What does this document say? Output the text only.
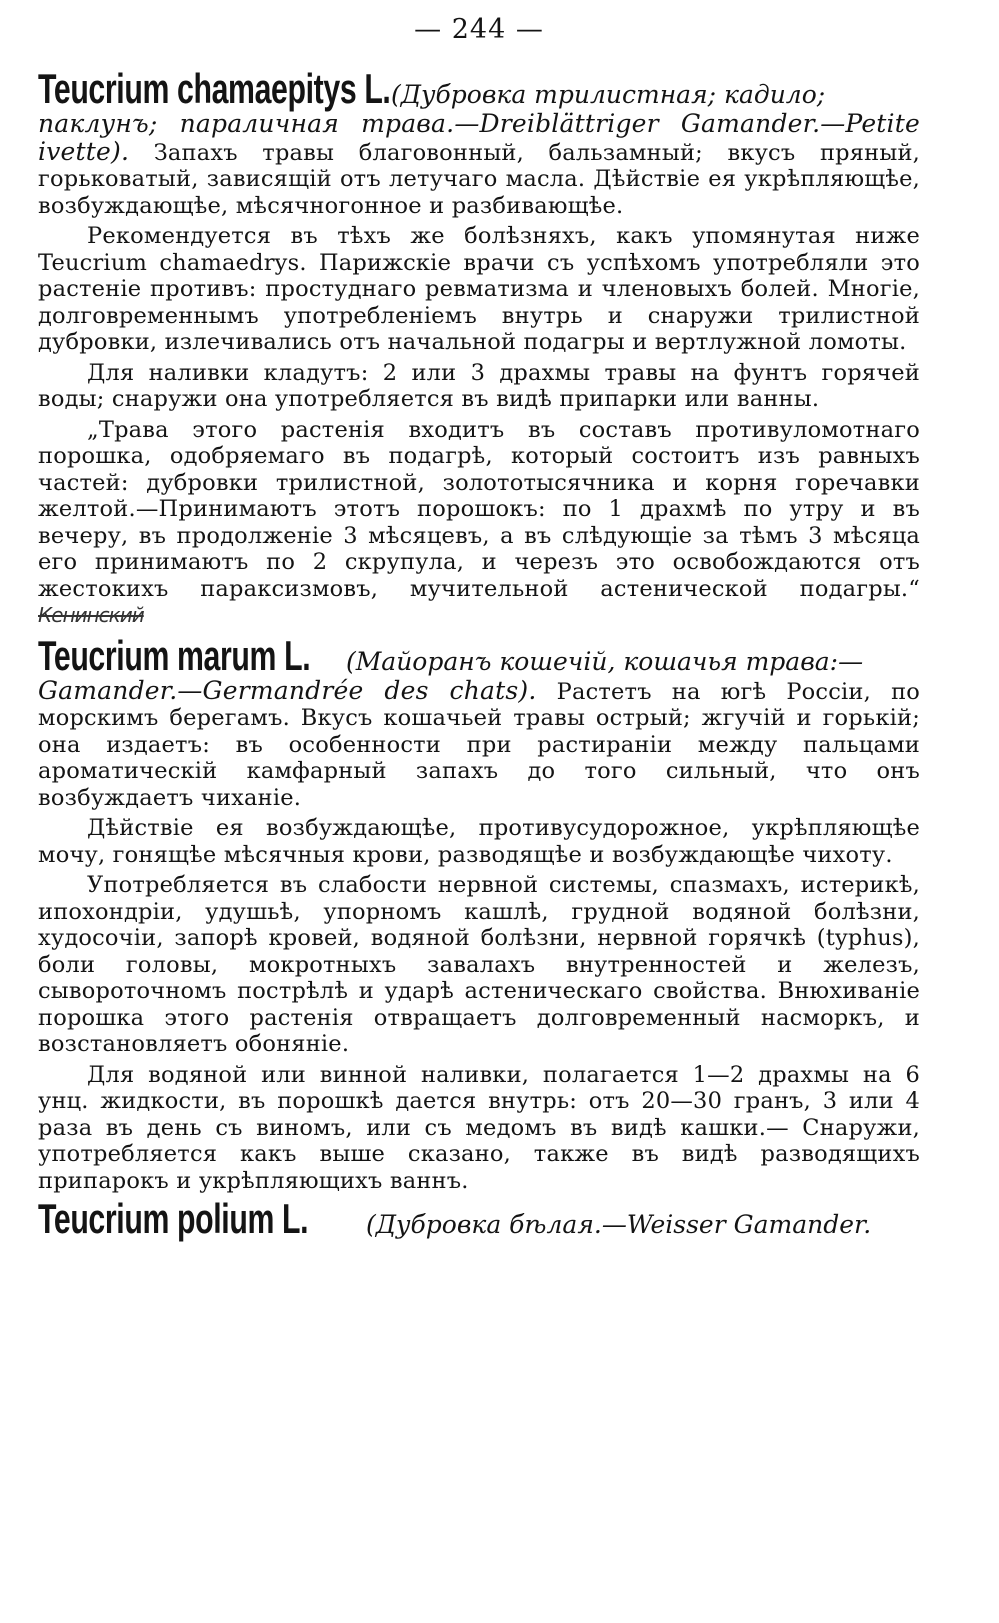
— 244 —
Teucrium chamaepitys L. (Дубровка трилистная; кадило;

паклунъ; параличная трава.—Dreiblättriger Gamander.—Petite ivette). Запахъ травы благовонный, бальзамный; вкусъ пряный, горьковатый, зависящій отъ летучаго масла. Дѣйствіе ея укрѣпляющѣе, возбуждающѣе, мѣсячногонное и разбивающѣе.

Рекомендуется въ тѣхъ же болѣзняхъ, какъ упомянутая ниже Teucrium chamaedrys. Парижскіе врачи съ успѣхомъ употребляли это растеніе противъ: простуднаго ревматизма и членовыхъ болей. Многіе, долговременнымъ употребленіемъ внутрь и снаружи трилистной дубровки, излечивались отъ начальной подагры и вертлужной ломоты.

Для наливки кладутъ: 2 или 3 драхмы травы на фунтъ горячей воды; снаружи она употребляется въ видѣ припарки или ванны.

„Трава этого растенія входитъ въ составъ противуломотнаго порошка, одобряемаго въ подагрѣ, который состоитъ изъ равныхъ частей: дубровки трилистной, золототысячника и корня горечавки желтой.—Принимаютъ этотъ порошокъ: по 1 драхмѣ по утру и въ вечеру, въ продолженіе 3 мѣсяцевъ, а въ слѣдующіе за тѣмъ 3 мѣсяца его принимаютъ по 2 скрупула, и черезъ это освобождаются отъ жестокихъ параксизмовъ, мучительной астенической подагры.“ Кенинский

Teucrium marum L. (Майоранъ кошечій, кошачья трава:—

Gamander.—Germandrée des chats). Растетъ на югѣ Россіи, по морскимъ берегамъ. Вкусъ кошачьей травы острый; жгучій и горькій; она издаетъ: въ особенности при растираніи между пальцами ароматическій камфарный запахъ до того сильный, что онъ возбуждаетъ чиханіе.

Дѣйствіе ея возбуждающѣе, противусудорожное, укрѣпляющѣе мочу, гонящѣе мѣсячныя крови, разводящѣе и возбуждающѣе чихоту.

Употребляется въ слабости нервной системы, спазмахъ, истерикѣ, ипохондріи, удушьѣ, упорномъ кашлѣ, грудной водяной болѣзни, худосочіи, запорѣ кровей, водяной болѣзни, нервной горячкѣ (typhus), боли головы, мокротныхъ завалахъ внутренностей и железъ, сывороточномъ пострѣлѣ и ударѣ астеническаго свойства. Внюхиваніе порошка этого растенія отвращаетъ долговременный насморкъ, и возстановляетъ обоняніе.

Для водяной или винной наливки, полагается 1—2 драхмы на 6 унц. жидкости, въ порошкѣ дается внутрь: отъ 20—30 гранъ, 3 или 4 раза въ день съ виномъ, или съ медомъ въ видѣ кашки.— Снаружи, употребляется какъ выше сказано, также въ видѣ разводящихъ припарокъ и укрѣпляющихъ ваннъ.

Teucrium polium L. (Дубровка бѣлая.—Weisser Gamander.
